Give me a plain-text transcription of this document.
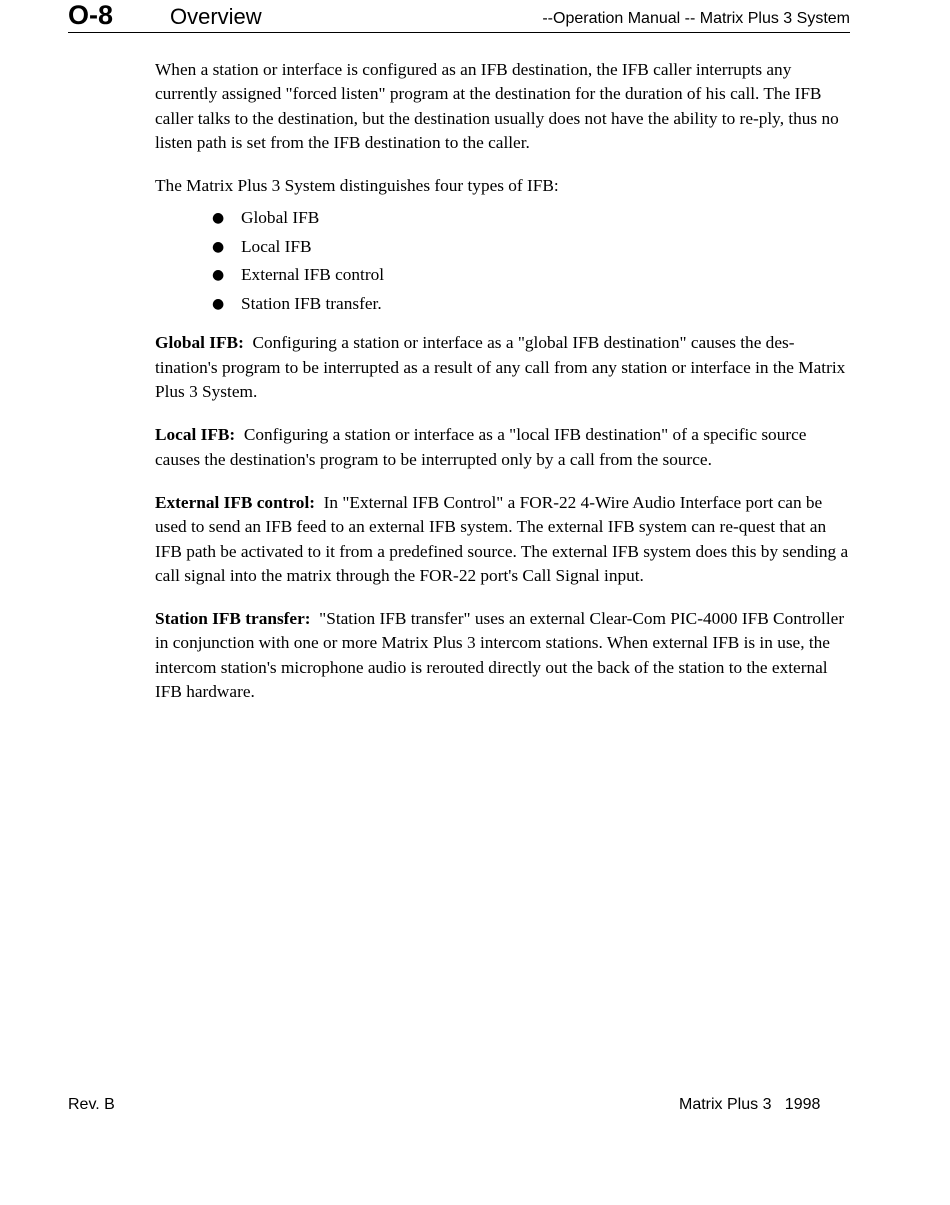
O-8	Overview	--Operation Manual -- Matrix Plus 3 System

When a station or interface is configured as an IFB destination, the IFB caller interrupts any currently assigned "forced listen" program at the destination for the duration of his call. The IFB caller talks to the destination, but the destination usually does not have the ability to re-ply, thus no listen path is set from the IFB destination to the caller.

The Matrix Plus 3 System distinguishes four types of IFB:

● Global IFB
● Local IFB
● External IFB control
● Station IFB transfer.

Global IFB: Configuring a station or interface as a "global IFB destination" causes the des-tination's program to be interrupted as a result of any call from any station or interface in the Matrix Plus 3 System.

Local IFB: Configuring a station or interface as a "local IFB destination" of a specific source causes the destination's program to be interrupted only by a call from the source.

External IFB control: In "External IFB Control" a FOR-22 4-Wire Audio Interface port can be used to send an IFB feed to an external IFB system. The external IFB system can re-quest that an IFB path be activated to it from a predefined source. The external IFB system does this by sending a call signal into the matrix through the FOR-22 port's Call Signal input.

Station IFB transfer: "Station IFB transfer" uses an external Clear-Com PIC-4000 IFB Controller in conjunction with one or more Matrix Plus 3 intercom stations. When external IFB is in use, the intercom station's microphone audio is rerouted directly out the back of the station to the external IFB hardware.

Rev. B	Matrix Plus 3   1998
